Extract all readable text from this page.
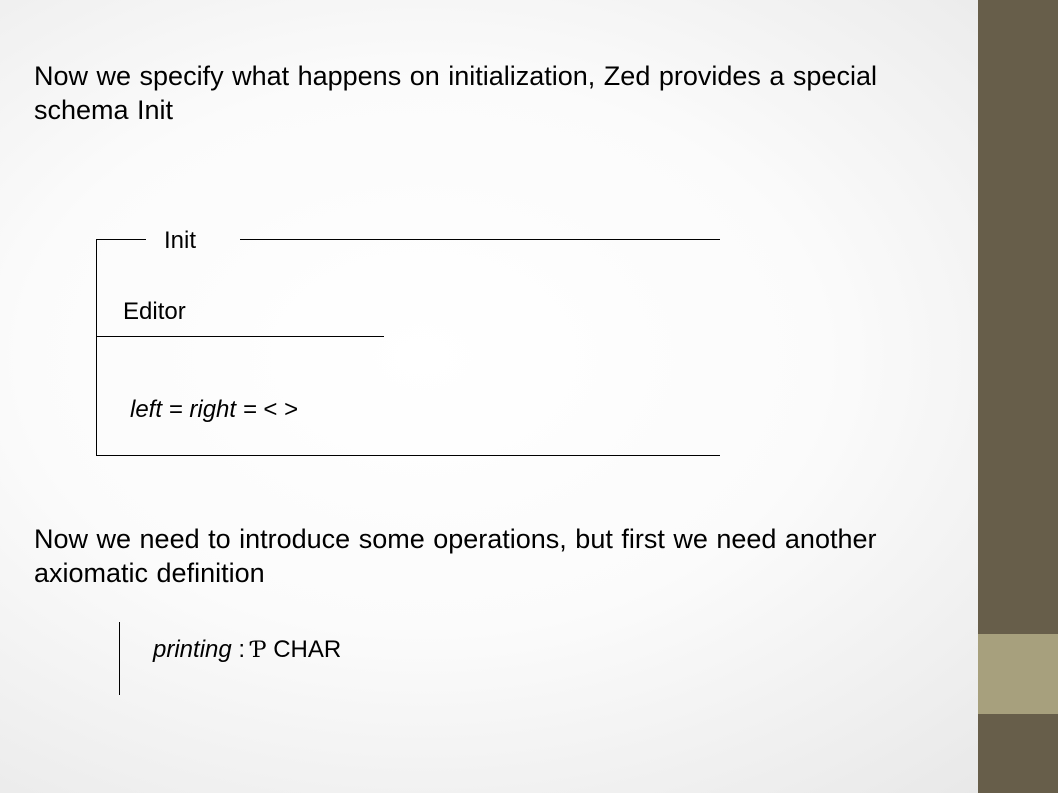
Now we specify what happens on initialization, Zed provides a special schema Init

Init
Editor
left = right = < >

Now we need to introduce some operations, but first we need another axiomatic definition

printing : Ƥ CHAR
